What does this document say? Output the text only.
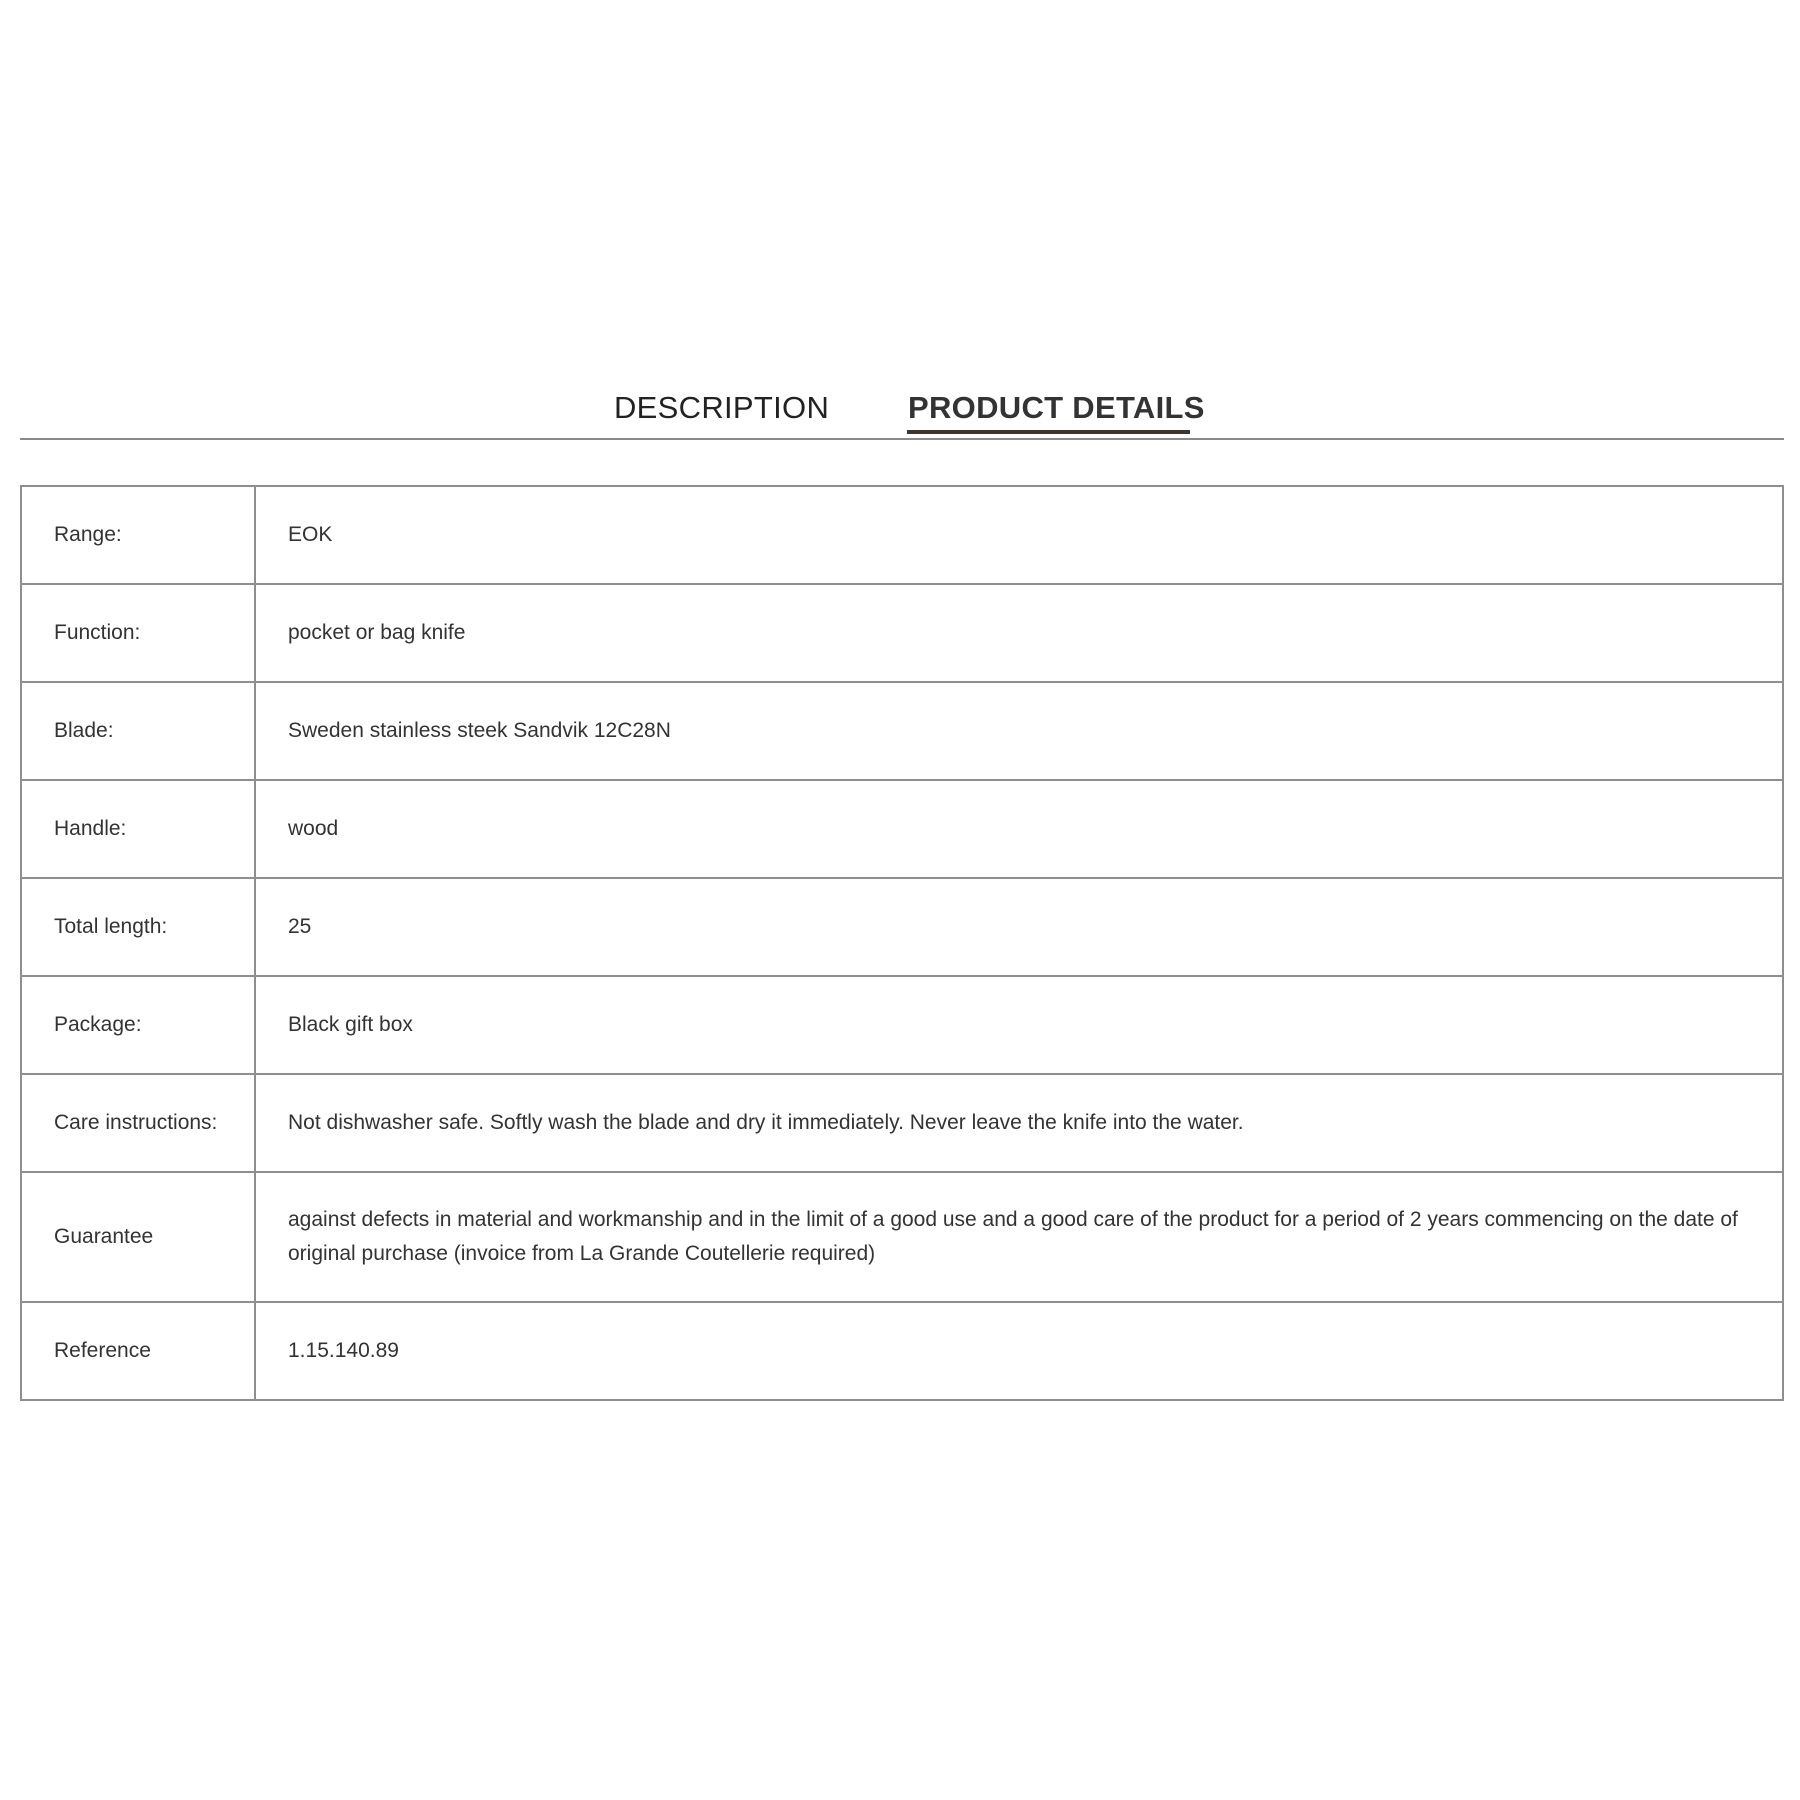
DESCRIPTION	PRODUCT DETAILS
Range:	EOK
Function:	pocket or bag knife
Blade:	Sweden stainless steek Sandvik 12C28N
Handle:	wood
Total length:	25
Package:	Black gift box
Care instructions:	Not dishwasher safe. Softly wash the blade and dry it immediately. Never leave the knife into the water.
Guarantee	against defects in material and workmanship and in the limit of a good use and a good care of the product for a period of 2 years commencing on the date of original purchase (invoice from La Grande Coutellerie required)
Reference	1.15.140.89
